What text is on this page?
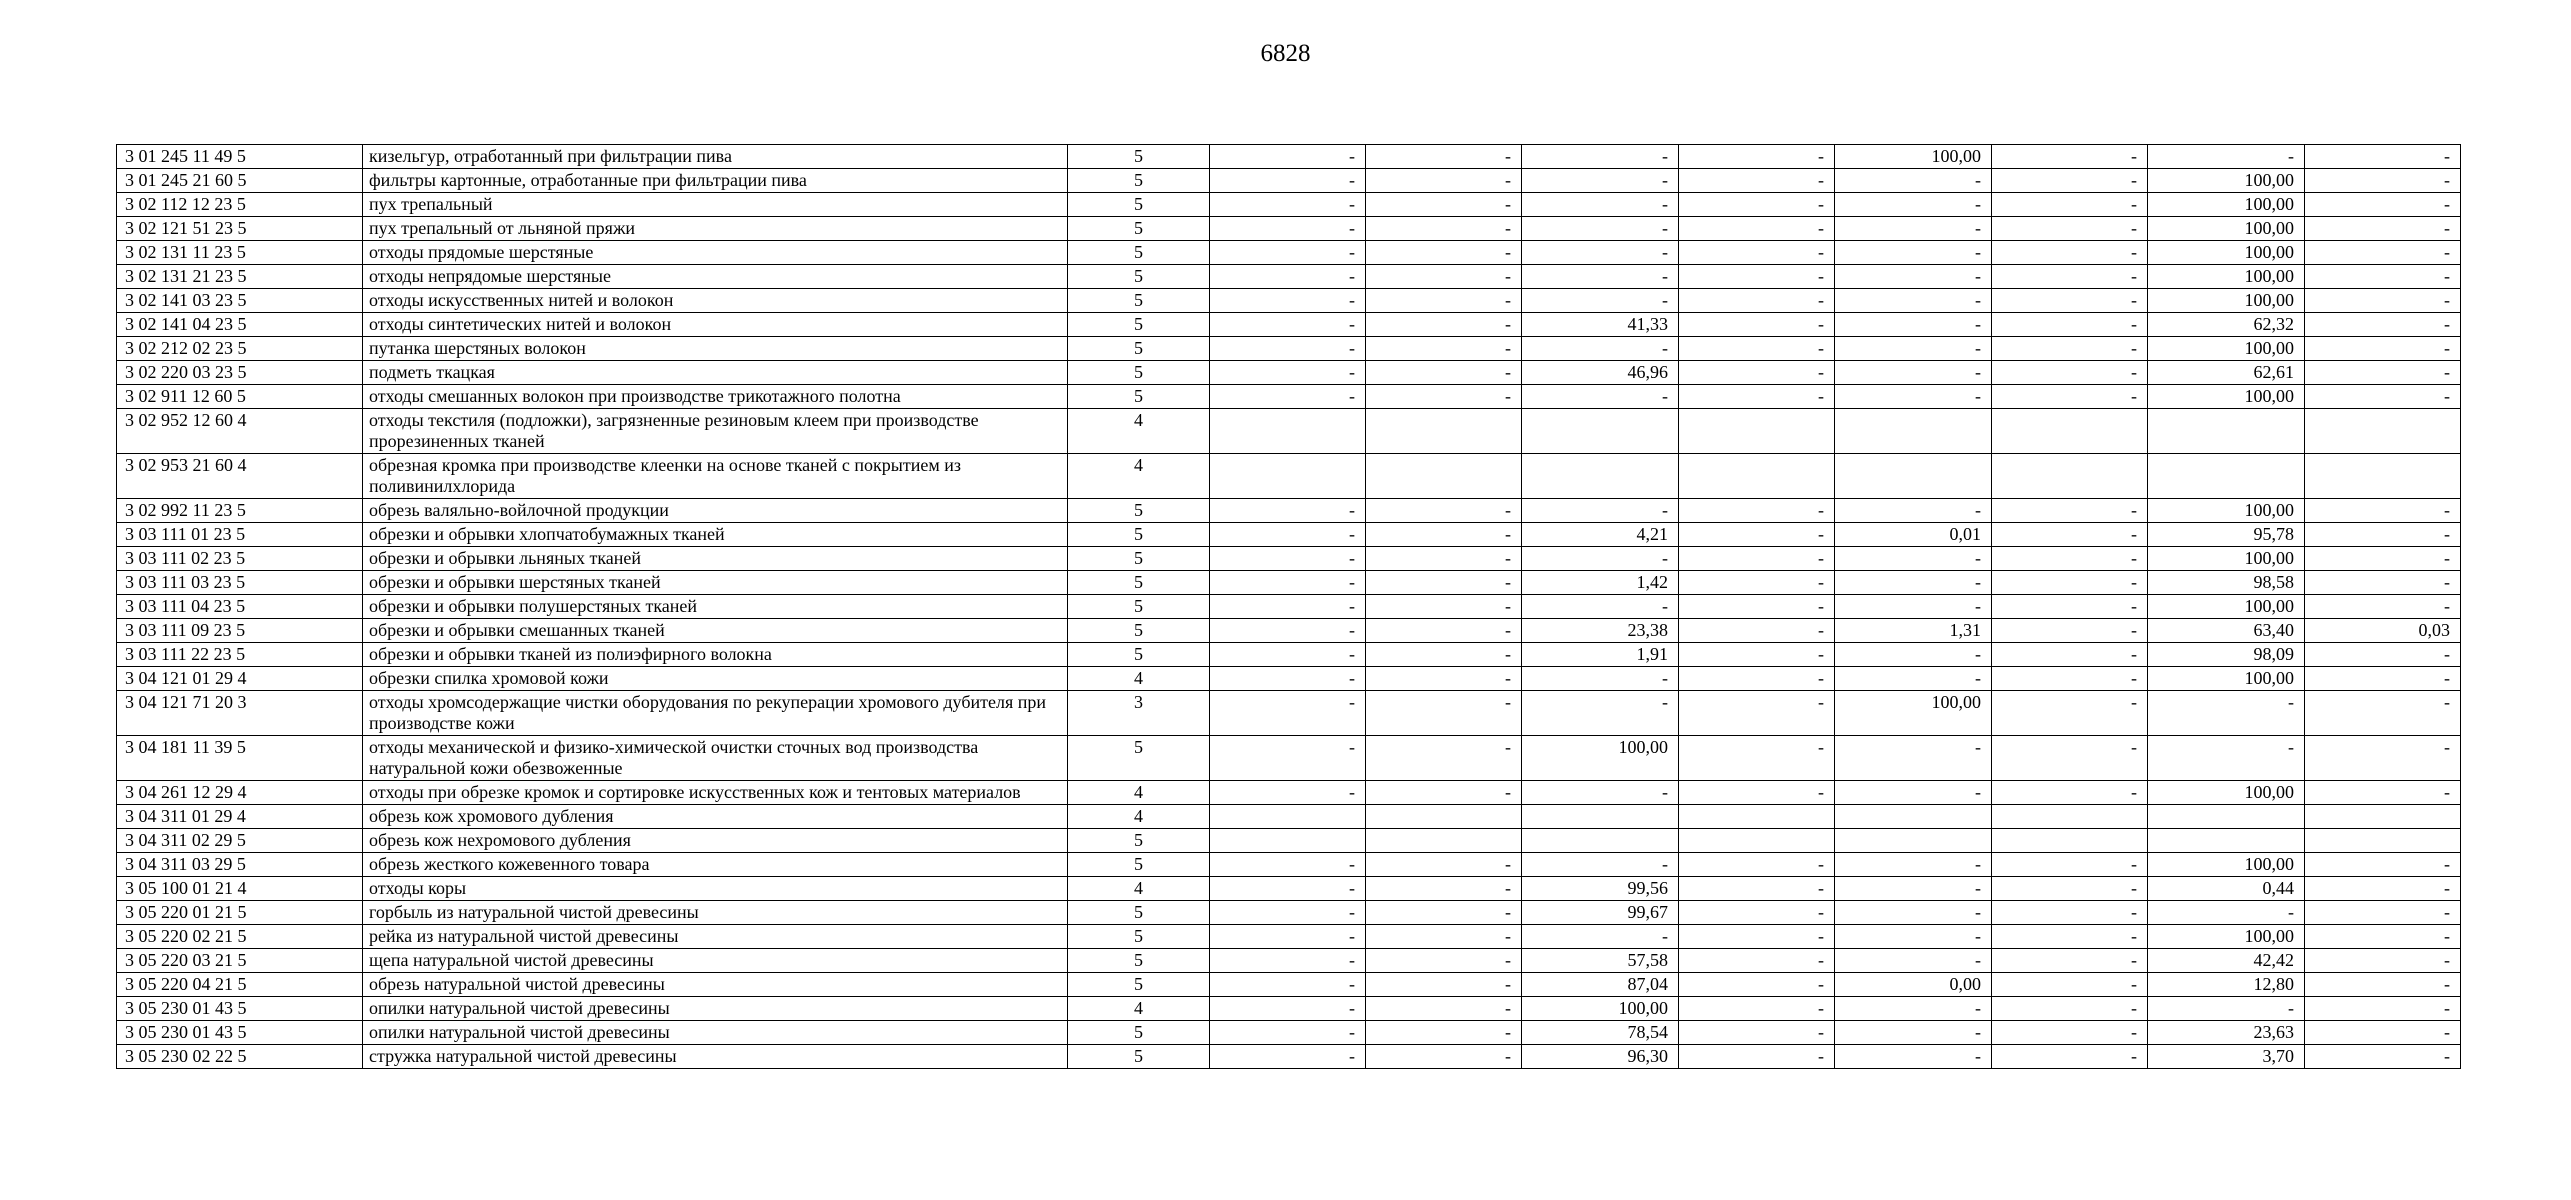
6828
3 01 245 11 49 5	кизельгур, отработанный при фильтрации пива	5	-	-	-	-	100,00	-	-	-
3 01 245 21 60 5	фильтры картонные, отработанные при фильтрации пива	5	-	-	-	-	-	-	100,00	-
3 02 112 12 23 5	пух трепальный	5	-	-	-	-	-	-	100,00	-
3 02 121 51 23 5	пух трепальный от льняной пряжи	5	-	-	-	-	-	-	100,00	-
3 02 131 11 23 5	отходы прядомые шерстяные	5	-	-	-	-	-	-	100,00	-
3 02 131 21 23 5	отходы непрядомые шерстяные	5	-	-	-	-	-	-	100,00	-
3 02 141 03 23 5	отходы искусственных нитей и волокон	5	-	-	-	-	-	-	100,00	-
3 02 141 04 23 5	отходы синтетических нитей и волокон	5	-	-	41,33	-	-	-	62,32	-
3 02 212 02 23 5	путанка шерстяных волокон	5	-	-	-	-	-	-	100,00	-
3 02 220 03 23 5	подметь ткацкая	5	-	-	46,96	-	-	-	62,61	-
3 02 911 12 60 5	отходы смешанных волокон при производстве трикотажного полотна	5	-	-	-	-	-	-	100,00	-
3 02 952 12 60 4	отходы текстиля (подложки), загрязненные резиновым клеем при производстве прорезиненных тканей	4								
3 02 953 21 60 4	обрезная кромка при производстве клеенки на основе тканей с покрытием из поливинилхлорида	4								
3 02 992 11 23 5	обрезь валяльно-войлочной продукции	5	-	-	-	-	-	-	100,00	-
3 03 111 01 23 5	обрезки и обрывки хлопчатобумажных тканей	5	-	-	4,21	-	0,01	-	95,78	-
3 03 111 02 23 5	обрезки и обрывки льняных тканей	5	-	-	-	-	-	-	100,00	-
3 03 111 03 23 5	обрезки и обрывки шерстяных тканей	5	-	-	1,42	-	-	-	98,58	-
3 03 111 04 23 5	обрезки и обрывки полушерстяных тканей	5	-	-	-	-	-	-	100,00	-
3 03 111 09 23 5	обрезки и обрывки смешанных тканей	5	-	-	23,38	-	1,31	-	63,40	0,03
3 03 111 22 23 5	обрезки и обрывки тканей из полиэфирного волокна	5	-	-	1,91	-	-	-	98,09	-
3 04 121 01 29 4	обрезки спилка хромовой кожи	4	-	-	-	-	-	-	100,00	-
3 04 121 71 20 3	отходы хромсодержащие чистки оборудования по рекуперации хромового дубителя при производстве кожи	3	-	-	-	-	100,00	-	-	-
3 04 181 11 39 5	отходы механической и физико-химической очистки сточных вод производства натуральной кожи обезвоженные	5	-	-	100,00	-	-	-	-	-
3 04 261 12 29 4	отходы при обрезке кромок и сортировке искусственных кож и тентовых материалов	4	-	-	-	-	-	-	100,00	-
3 04 311 01 29 4	обрезь кож хромового дубления	4								
3 04 311 02 29 5	обрезь кож нехромового дубления	5								
3 04 311 03 29 5	обрезь жесткого кожевенного товара	5	-	-	-	-	-	-	100,00	-
3 05 100 01 21 4	отходы коры	4	-	-	99,56	-	-	-	0,44	-
3 05 220 01 21 5	горбыль из натуральной чистой древесины	5	-	-	99,67	-	-	-	-	-
3 05 220 02 21 5	рейка из натуральной чистой древесины	5	-	-	-	-	-	-	100,00	-
3 05 220 03 21 5	щепа натуральной чистой древесины	5	-	-	57,58	-	-	-	42,42	-
3 05 220 04 21 5	обрезь натуральной чистой древесины	5	-	-	87,04	-	0,00	-	12,80	-
3 05 230 01 43 5	опилки натуральной чистой древесины	4	-	-	100,00	-	-	-	-	-
3 05 230 01 43 5	опилки натуральной чистой древесины	5	-	-	78,54	-	-	-	23,63	-
3 05 230 02 22 5	стружка натуральной чистой древесины	5	-	-	96,30	-	-	-	3,70	-
